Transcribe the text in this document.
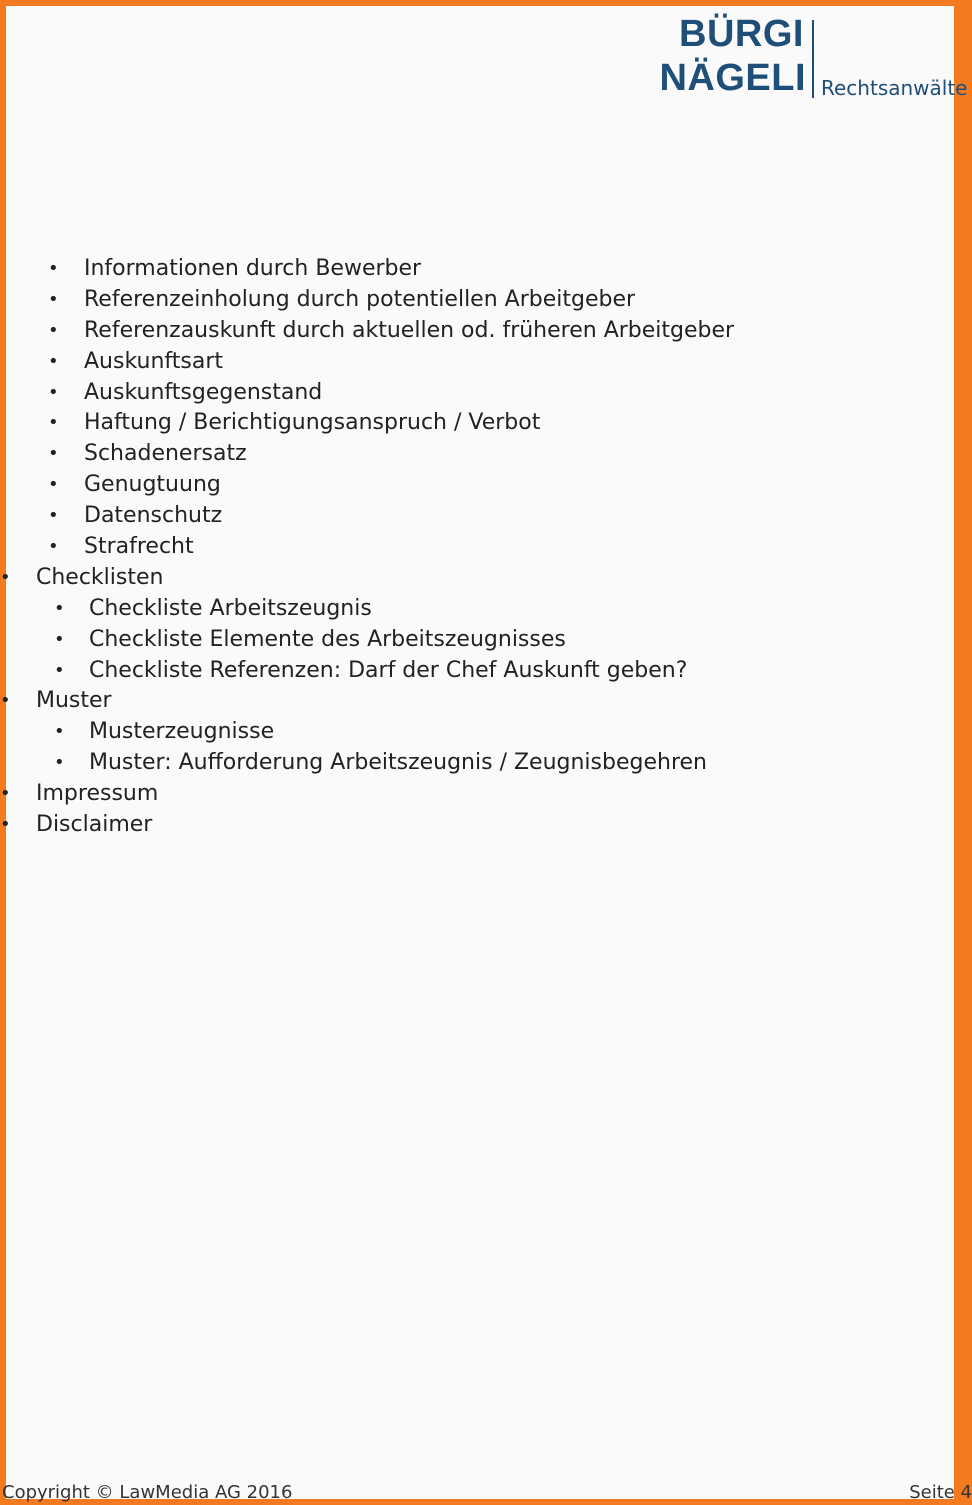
BÜRGI
NÄGELI Rechtsanwälte
• Informationen durch Bewerber
• Referenzeinholung durch potentiellen Arbeitgeber
• Referenzauskunft durch aktuellen od. früheren Arbeitgeber
• Auskunftsart
• Auskunftsgegenstand
• Haftung / Berichtigungsanspruch / Verbot
• Schadenersatz
• Genugtuung
• Datenschutz
• Strafrecht
• Checklisten
• Checkliste Arbeitszeugnis
• Checkliste Elemente des Arbeitszeugnisses
• Checkliste Referenzen: Darf der Chef Auskunft geben?
• Muster
• Musterzeugnisse
• Muster: Aufforderung Arbeitszeugnis / Zeugnisbegehren
• Impressum
• Disclaimer
Copyright © LawMedia AG 2016	Seite 4
